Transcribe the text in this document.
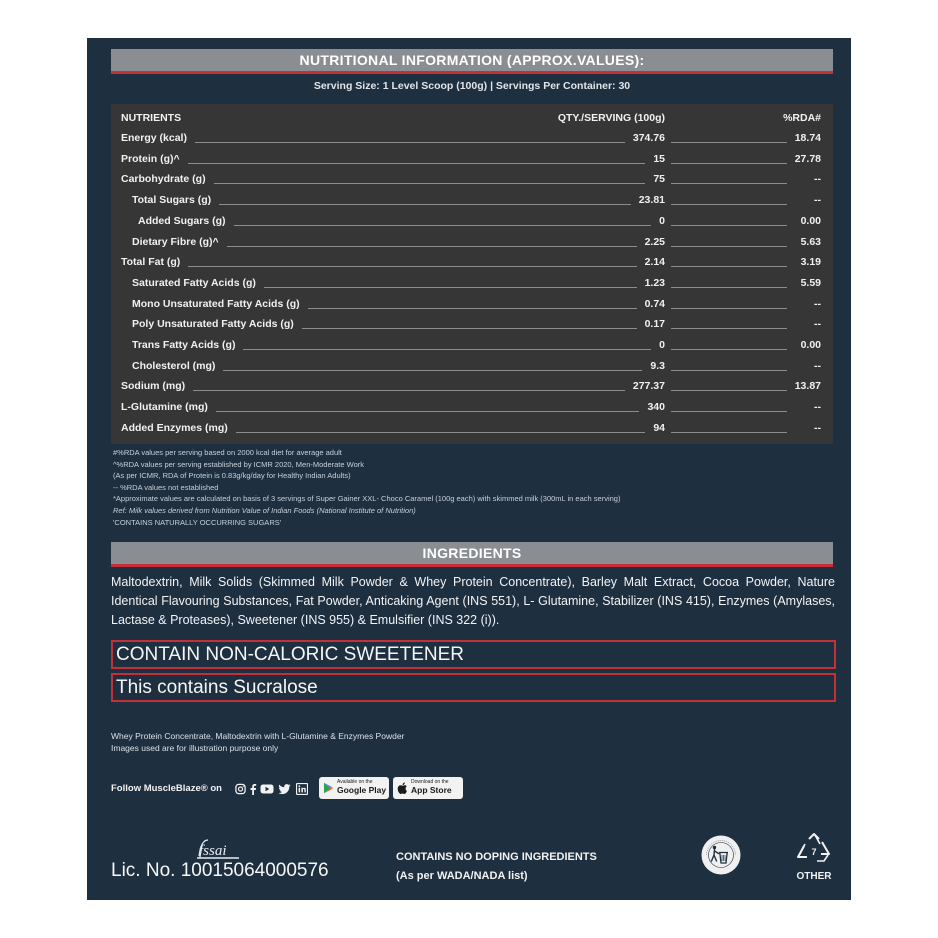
NUTRITIONAL INFORMATION (APPROX.VALUES):
Serving Size: 1 Level Scoop (100g) | Servings Per Container: 30
NUTRIENTS	QTY./SERVING (100g)	%RDA#
Energy (kcal)	374.76	18.74
Protein (g)^	15	27.78
Carbohydrate (g)	75	--
Total Sugars (g)	23.81	--
Added Sugars (g)	0	0.00
Dietary Fibre (g)^	2.25	5.63
Total Fat (g)	2.14	3.19
Saturated Fatty Acids (g)	1.23	5.59
Mono Unsaturated Fatty Acids (g)	0.74	--
Poly Unsaturated Fatty Acids (g)	0.17	--
Trans Fatty Acids (g)	0	0.00
Cholesterol (mg)	9.3	--
Sodium (mg)	277.37	13.87
L-Glutamine (mg)	340	--
Added Enzymes (mg)	94	--
#%RDA values per serving based on 2000 kcal diet for average adult
^%RDA values per serving established by ICMR 2020, Men-Moderate Work
(As per ICMR, RDA of Protein is 0.83g/kg/day for Healthy Indian Adults)
-- %RDA values not established
*Approximate values are calculated on basis of 3 servings of Super Gainer XXL- Choco Caramel (100g each) with skimmed milk (300mL in each serving)
Ref: Milk values derived from Nutrition Value of Indian Foods (National Institute of Nutrition)
'CONTAINS NATURALLY OCCURRING SUGARS'
INGREDIENTS
Maltodextrin, Milk Solids (Skimmed Milk Powder & Whey Protein Concentrate), Barley Malt Extract, Cocoa Powder, Nature Identical Flavouring Substances, Fat Powder, Anticaking Agent (INS 551), L- Glutamine, Stabilizer (INS 415), Enzymes (Amylases, Lactase & Proteases), Sweetener (INS 955) & Emulsifier (INS 322 (i)).
CONTAIN NON-CALORIC SWEETENER
This contains Sucralose
Whey Protein Concentrate, Maltodextrin with L-Glutamine & Enzymes Powder
Images used are for illustration purpose only
Follow MuscleBlaze® on
Available on the
Google Play
Download on the
App Store
fssai
Lic. No. 10015064000576
CONTAINS NO DOPING INGREDIENTS
(As per WADA/NADA list)
7
OTHER
